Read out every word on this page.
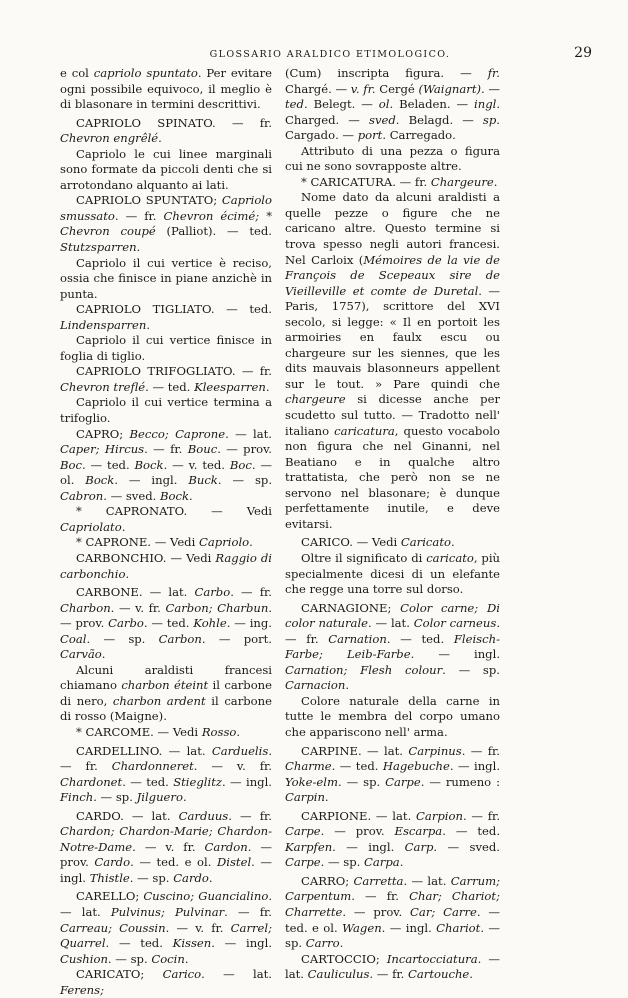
GLOSSARIO ARALDICO ETIMOLOGICO.	29

e col capriolo spuntato. Per evitare ogni possibile equivoco, il meglio è di blasonare in termini descrittivi.

CAPRIOLO SPINATO. — fr. Chevron engrêlé.

Capriolo le cui linee marginali sono formate da piccoli denti che si arrotondano alquanto ai lati.

CAPRIOLO SPUNTATO; Capriolo smussato. — fr. Chevron écimé; * Chevron coupé (Palliot). — ted. Stutzsparren.

Capriolo il cui vertice è reciso, ossia che finisce in piane anzichè in punta.

CAPRIOLO TIGLIATO. — ted. Lindensparren.

Capriolo il cui vertice finisce in foglia di tiglio.

CAPRIOLO TRIFOGLIATO. — fr. Chevron treflé. — ted. Kleesparren.

Capriolo il cui vertice termina a trifoglio.

CAPRO; Becco; Caprone. — lat. Caper; Hircus. — fr. Bouc. — prov. Boc. — ted. Bock. — v. ted. Boc. — ol. Bock. — ingl. Buck. — sp. Cabron. — sved. Bock.

* CAPRONATO. — Vedi Capriolato.

* CAPRONE. — Vedi Capriolo.

CARBONCHIO. — Vedi Raggio di carbonchio.

CARBONE. — lat. Carbo. — fr. Charbon. — v. fr. Carbon; Charbun. — prov. Carbo. — ted. Kohle. — ing. Coal. — sp. Carbon. — port. Carvão.

Alcuni araldisti francesi chiamano charbon éteint il carbone di nero, charbon ardent il carbone di rosso (Maigne).

* CARCOME. — Vedi Rosso.

CARDELLINO. — lat. Carduelis. — fr. Chardonneret. — v. fr. Chardonet. — ted. Stieglitz. — ingl. Finch. — sp. Jilguero.

CARDO. — lat. Carduus. — fr. Chardon; Chardon-Marie; Chardon-Notre-Dame. — v. fr. Cardon. — prov. Cardo. — ted. e ol. Distel. — ingl. Thistle. — sp. Cardo.

CARELLO; Cuscino; Guancialino. — lat. Pulvinus; Pulvinar. — fr. Carreau; Coussin. — v. fr. Carrel; Quarrel. — ted. Kissen. — ingl. Cushion. — sp. Cocin.

CARICATO; Carico. — lat. Ferens;

(Cum) inscripta figura. — fr. Chargé. — v. fr. Cergé (Waignart). — ted. Belegt. — ol. Beladen. — ingl. Charged. — sved. Belagd. — sp. Cargado. — port. Carregado.

Attributo di una pezza o figura cui ne sono sovrapposte altre.

* CARICATURA. — fr. Chargeure.

Nome dato da alcuni araldisti a quelle pezze o figure che ne caricano altre. Questo termine si trova spesso negli autori francesi. Nel Carloix (Mémoires de la vie de François de Scepeaux sire de Vieilleville et comte de Duretal. — Paris, 1757), scrittore del XVI secolo, si legge: « Il en portoit les armoiries en faulx escu ou chargeure sur les siennes, que les dits mauvais blasonneurs appellent sur le tout. » Pare quindi che chargeure si dicesse anche per scudetto sul tutto. — Tradotto nell' italiano caricatura, questo vocabolo non figura che nel Ginanni, nel Beatiano e in qualche altro trattatista, che però non se ne servono nel blasonare; è dunque perfettamente inutile, e deve evitarsi.

CARICO. — Vedi Caricato.

Oltre il significato di caricato, più specialmente dicesi di un elefante che regge una torre sul dorso.

CARNAGIONE; Color carne; Di color naturale. — lat. Color carneus. — fr. Carnation. — ted. Fleisch-Farbe; Leib-Farbe. — ingl. Carnation; Flesh colour. — sp. Carnacion.

Colore naturale della carne in tutte le membra del corpo umano che appariscono nell' arma.

CARPINE. — lat. Carpinus. — fr. Charme. — ted. Hagebuche. — ingl. Yoke-elm. — sp. Carpe. — rumeno : Carpin.

CARPIONE. — lat. Carpion. — fr. Carpe. — prov. Escarpa. — ted. Karpfen. — ingl. Carp. — sved. Carpe. — sp. Carpa.

CARRO; Carretta. — lat. Carrum; Carpentum. — fr. Char; Chariot; Charrette. — prov. Car; Carre. — ted. e ol. Wagen. — ingl. Chariot. — sp. Carro.

CARTOCCIO; Incartocciatura. — lat. Cauliculus. — fr. Cartouche.
